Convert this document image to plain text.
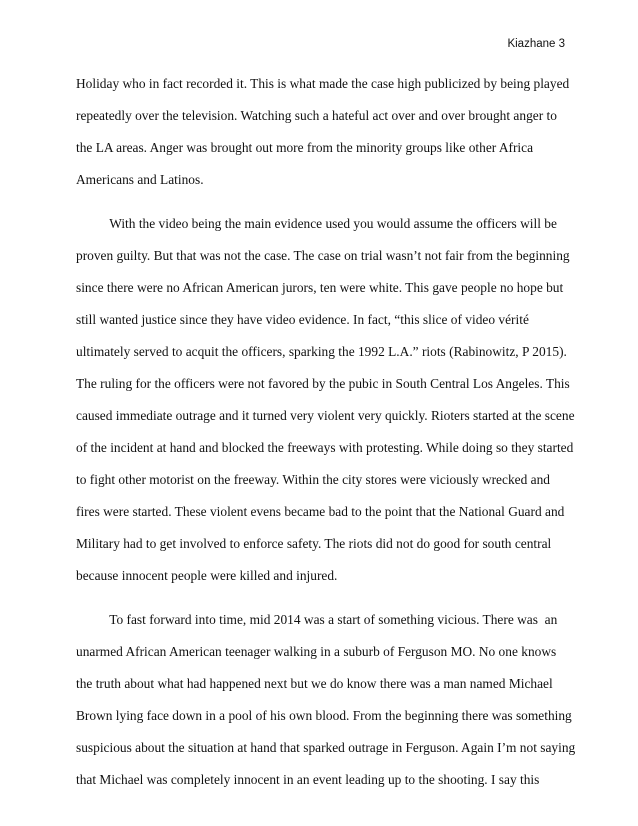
Kiazhane 3
Holiday who in fact recorded it. This is what made the case high publicized by being played
repeatedly over the television. Watching such a hateful act over and over brought anger to
the LA areas. Anger was brought out more from the minority groups like other Africa
Americans and Latinos.
With the video being the main evidence used you would assume the officers will be
proven guilty. But that was not the case. The case on trial wasn’t not fair from the beginning
since there were no African American jurors, ten were white. This gave people no hope but
still wanted justice since they have video evidence. In fact, “this slice of video vérité
ultimately served to acquit the officers, sparking the 1992 L.A.” riots (Rabinowitz, P 2015).
The ruling for the officers were not favored by the pubic in South Central Los Angeles. This
caused immediate outrage and it turned very violent very quickly. Rioters started at the scene
of the incident at hand and blocked the freeways with protesting. While doing so they started
to fight other motorist on the freeway. Within the city stores were viciously wrecked and
fires were started. These violent evens became bad to the point that the National Guard and
Military had to get involved to enforce safety. The riots did not do good for south central
because innocent people were killed and injured.
To fast forward into time, mid 2014 was a start of something vicious. There was  an
unarmed African American teenager walking in a suburb of Ferguson MO. No one knows
the truth about what had happened next but we do know there was a man named Michael
Brown lying face down in a pool of his own blood. From the beginning there was something
suspicious about the situation at hand that sparked outrage in Ferguson. Again I’m not saying
that Michael was completely innocent in an event leading up to the shooting. I say this
